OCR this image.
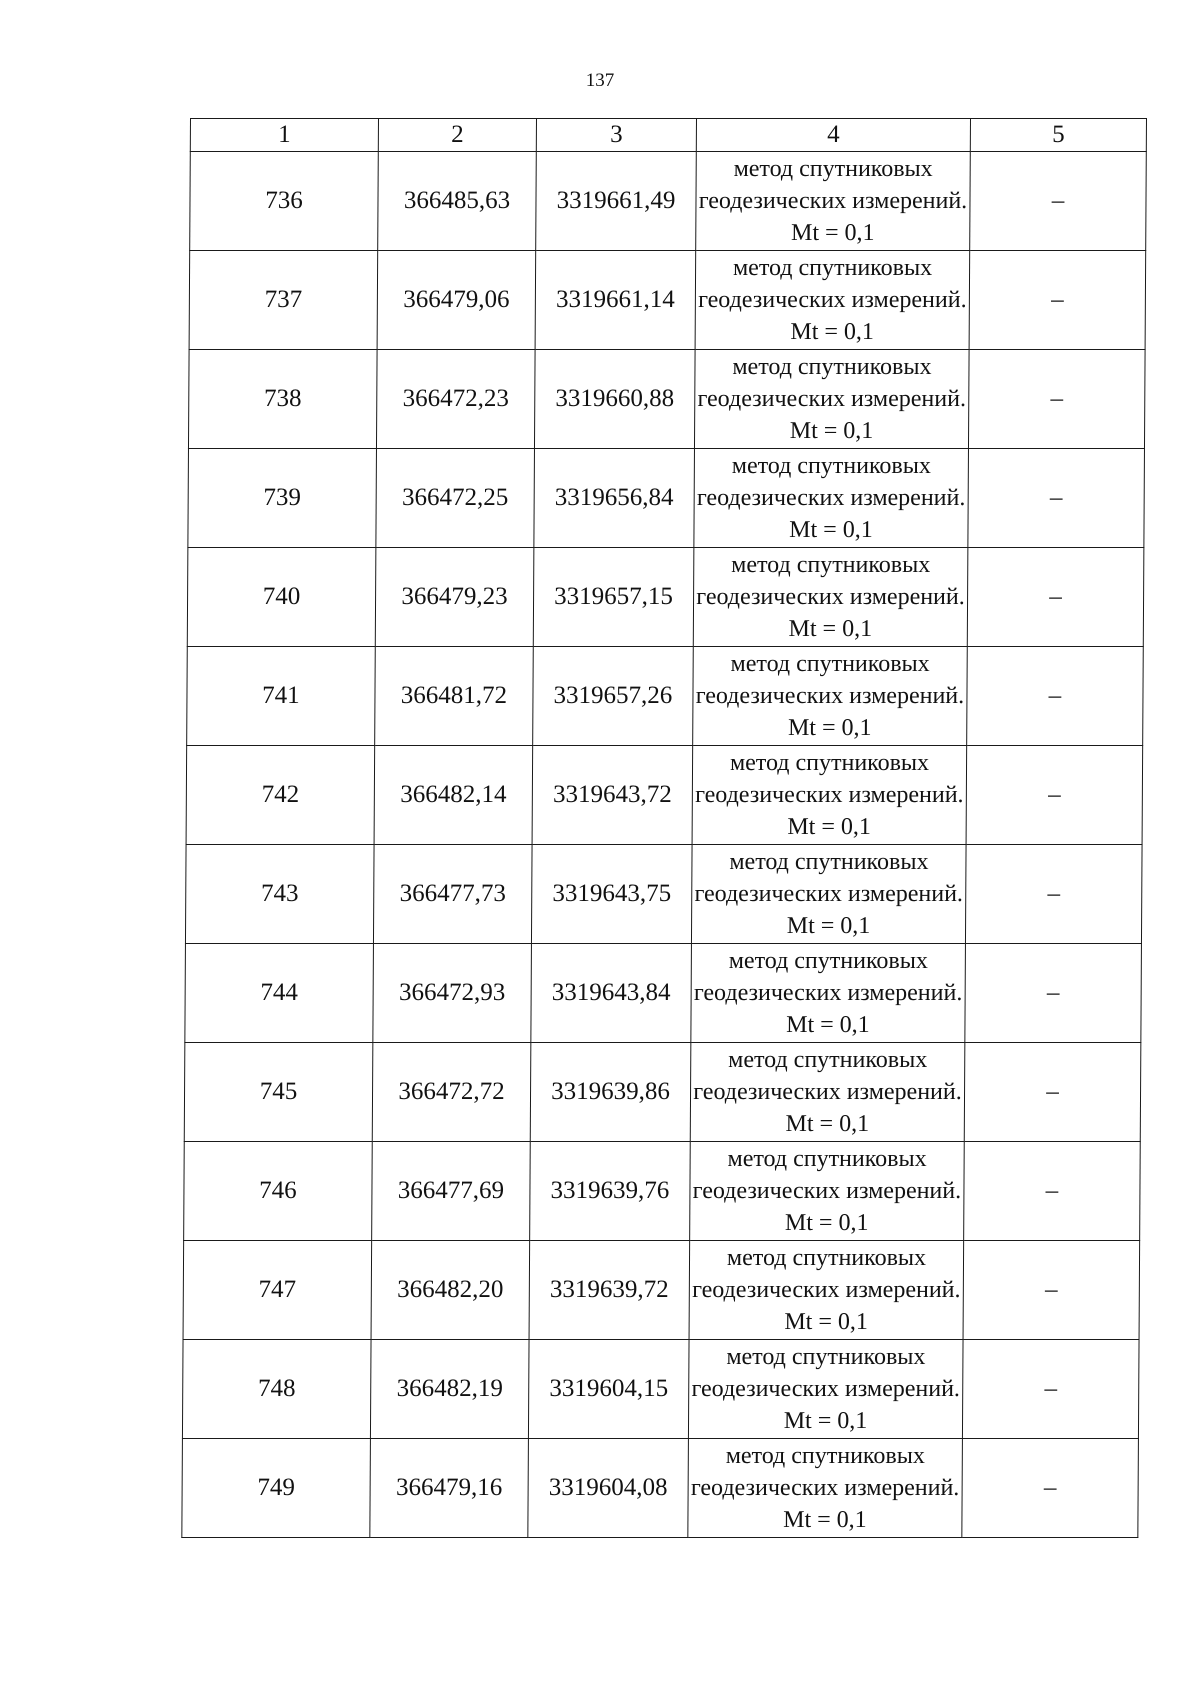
137
1	2	3	4	5
736	366485,63	3319661,49	метод спутниковых геодезических измерений. Mt = 0,1	–
737	366479,06	3319661,14	метод спутниковых геодезических измерений. Mt = 0,1	–
738	366472,23	3319660,88	метод спутниковых геодезических измерений. Mt = 0,1	–
739	366472,25	3319656,84	метод спутниковых геодезических измерений. Mt = 0,1	–
740	366479,23	3319657,15	метод спутниковых геодезических измерений. Mt = 0,1	–
741	366481,72	3319657,26	метод спутниковых геодезических измерений. Mt = 0,1	–
742	366482,14	3319643,72	метод спутниковых геодезических измерений. Mt = 0,1	–
743	366477,73	3319643,75	метод спутниковых геодезических измерений. Mt = 0,1	–
744	366472,93	3319643,84	метод спутниковых геодезических измерений. Mt = 0,1	–
745	366472,72	3319639,86	метод спутниковых геодезических измерений. Mt = 0,1	–
746	366477,69	3319639,76	метод спутниковых геодезических измерений. Mt = 0,1	–
747	366482,20	3319639,72	метод спутниковых геодезических измерений. Mt = 0,1	–
748	366482,19	3319604,15	метод спутниковых геодезических измерений. Mt = 0,1	–
749	366479,16	3319604,08	метод спутниковых геодезических измерений. Mt = 0,1	–
